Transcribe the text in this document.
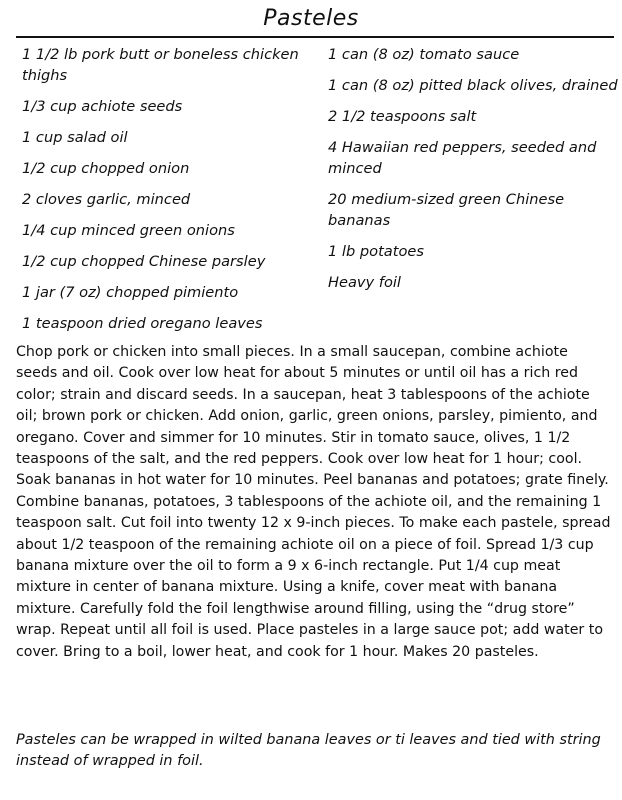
Pasteles
1 1/2 lb pork butt or boneless chicken thighs
1/3 cup achiote seeds
1 cup salad oil
1/2 cup chopped onion
2 cloves garlic, minced
1/4 cup minced green onions
1/2 cup chopped Chinese parsley
1 jar (7 oz) chopped pimiento
1 teaspoon dried oregano leaves
1 can (8 oz) tomato sauce
1 can (8 oz) pitted black olives, drained
2 1/2 teaspoons salt
4 Hawaiian red peppers, seeded and minced
20 medium-sized green Chinese bananas
1 lb potatoes
Heavy foil
Chop pork or chicken into small pieces. In a small saucepan, combine achiote seeds and oil. Cook over low heat for about 5 minutes or until oil has a rich red color; strain and discard seeds. In a saucepan, heat 3 tablespoons of the achiote oil; brown pork or chicken. Add onion, garlic, green onions, parsley, pimiento, and oregano. Cover and simmer for 10 minutes. Stir in tomato sauce, olives, 1 1/2 teaspoons of the salt, and the red peppers. Cook over low heat for 1 hour; cool. Soak bananas in hot water for 10 minutes. Peel bananas and potatoes; grate finely. Combine bananas, potatoes, 3 tablespoons of the achiote oil, and the remaining 1 teaspoon salt. Cut foil into twenty 12 x 9-inch pieces. To make each pastele, spread about 1/2 teaspoon of the remaining achiote oil on a piece of foil. Spread 1/3 cup banana mixture over the oil to form a 9 x 6-inch rectangle. Put 1/4 cup meat mixture in center of banana mixture. Using a knife, cover meat with banana mixture. Carefully fold the foil lengthwise around filling, using the “drug store” wrap. Repeat until all foil is used. Place pasteles in a large sauce pot; add water to cover. Bring to a boil, lower heat, and cook for 1 hour. Makes 20 pasteles.
Pasteles can be wrapped in wilted banana leaves or ti leaves and tied with string instead of wrapped in foil.
